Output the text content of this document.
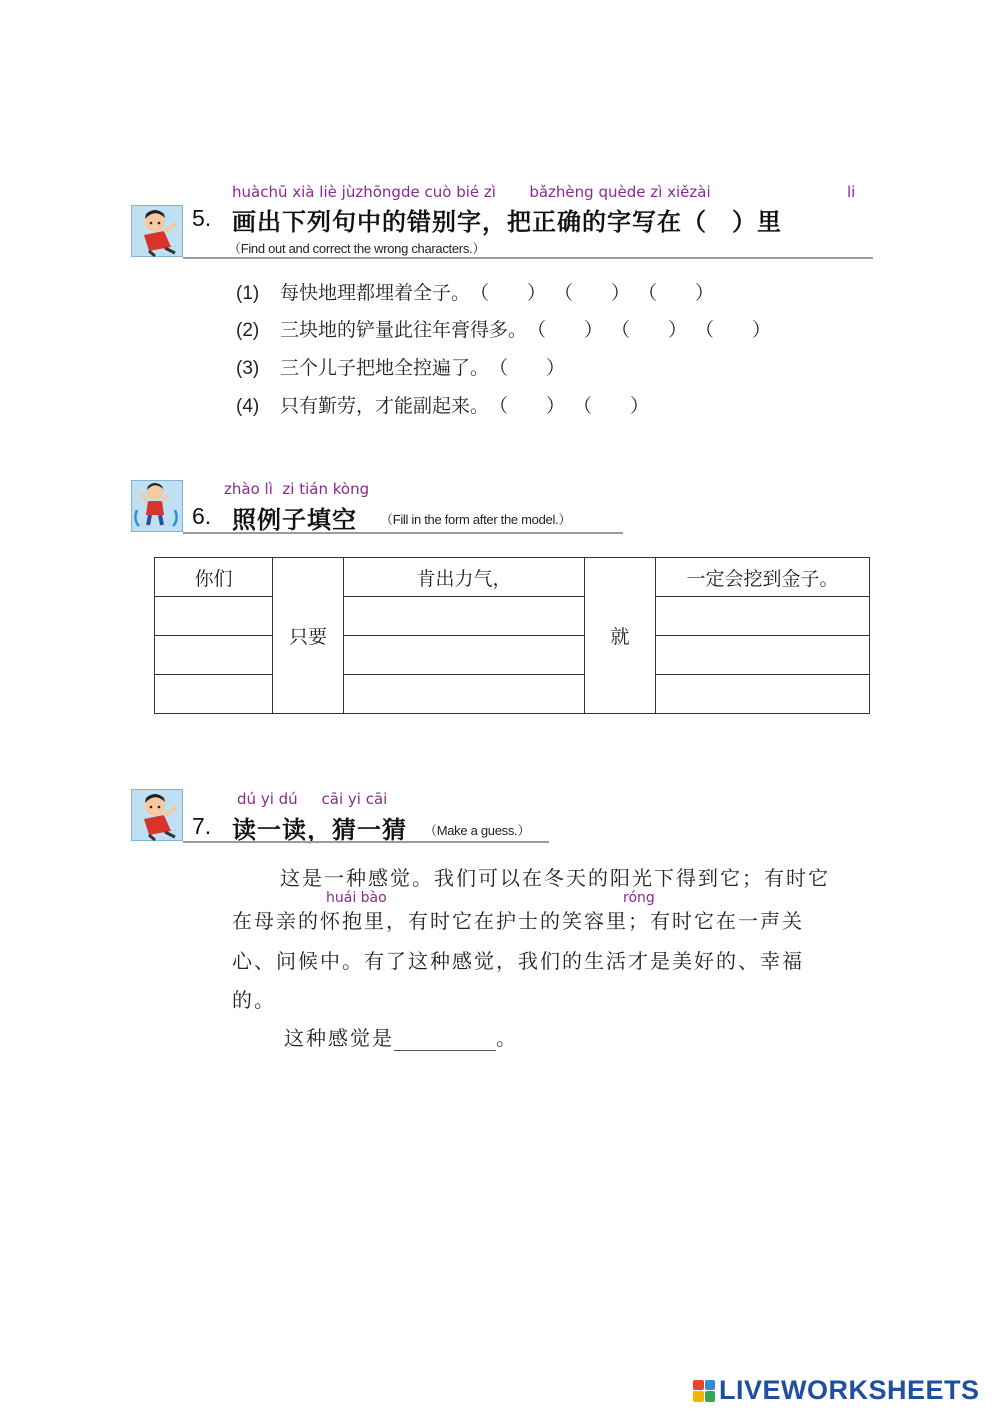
huàchū xià liè jùzhōngde cuò bié zì bǎzhèng quède zì xiězài	li
5. 画出下列句中的错别字，把正确的字写在（　）里
（Find out and correct the wrong characters.）
(1) 每快地理都埋着全子。（ 　　）（ 　　）（ 　　）
(2) 三块地的铲量此往年膏得多。（ 　　）（ 　　）（ 　　）
(3) 三个儿子把地全控遍了。（ 　　）
(4) 只有斳劳，才能副起来。（ 　　）（ 　　）
zhào lì zi tián kòng
6. 照例子填空 （Fill in the form after the model.）
你们	只要	肯出力气，	就	一定会挖到金子。

dú yi dú cāi yi cāi
7. 读一读，猜一猜 （Make a guess.）
这是一种感觉。我们可以在冬天的阳光下得到它；有时它
huái bào	róng
在母亲的怀抱里，有时它在护士的笑容里；有时它在一声关
心、问候中。有了这种感觉，我们的生活才是美好的、幸福
的。
这种感觉是	。
LIVEWORKSHEETS
